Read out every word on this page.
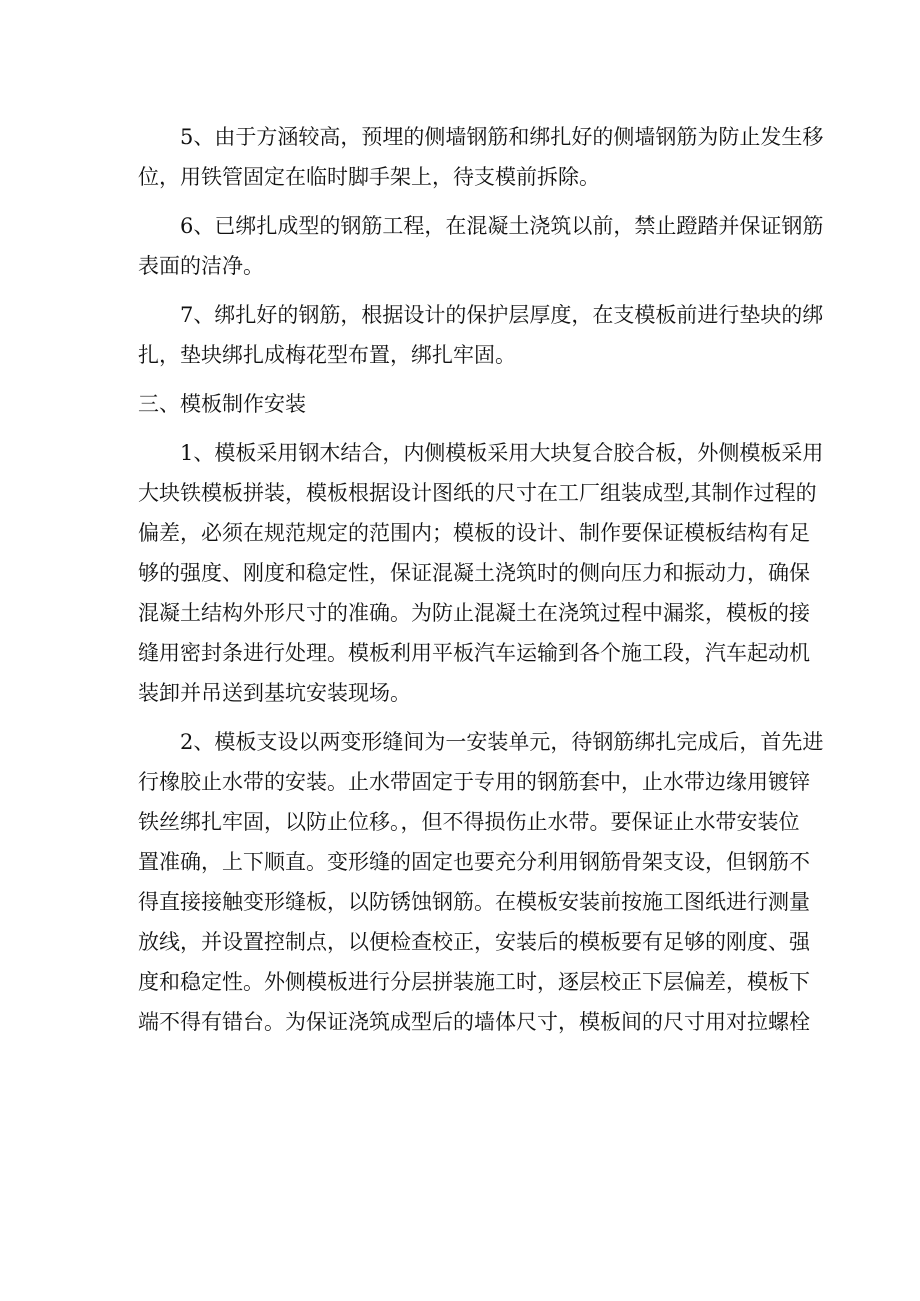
5、由于方涵较高，预埋的侧墙钢筋和绑扎好的侧墙钢筋为防止发生移
位，用铁管固定在临时脚手架上，待支模前拆除。
6、已绑扎成型的钢筋工程，在混凝土浇筑以前，禁止蹬踏并保证钢筋
表面的洁净。
7、绑扎好的钢筋，根据设计的保护层厚度，在支模板前进行垫块的绑
扎，垫块绑扎成梅花型布置，绑扎牢固。
三、模板制作安装
1、模板采用钢木结合，内侧模板采用大块复合胶合板，外侧模板采用
大块铁模板拼装，模板根据设计图纸的尺寸在工厂组装成型,其制作过程的
偏差，必须在规范规定的范围内；模板的设计、制作要保证模板结构有足
够的强度、刚度和稳定性，保证混凝土浇筑时的侧向压力和振动力，确保
混凝土结构外形尺寸的准确。为防止混凝土在浇筑过程中漏浆，模板的接
缝用密封条进行处理。模板利用平板汽车运输到各个施工段，汽车起动机
装卸并吊送到基坑安装现场。
2、模板支设以两变形缝间为一安装单元，待钢筋绑扎完成后，首先进
行橡胶止水带的安装。止水带固定于专用的钢筋套中，止水带边缘用镀锌
铁丝绑扎牢固，以防止位移。，但不得损伤止水带。要保证止水带安装位
置准确，上下顺直。变形缝的固定也要充分利用钢筋骨架支设，但钢筋不
得直接接触变形缝板，以防锈蚀钢筋。在模板安装前按施工图纸进行测量
放线，并设置控制点，以便检查校正，安装后的模板要有足够的刚度、强
度和稳定性。外侧模板进行分层拼装施工时，逐层校正下层偏差，模板下
端不得有错台。为保证浇筑成型后的墙体尺寸，模板间的尺寸用对拉螺栓
